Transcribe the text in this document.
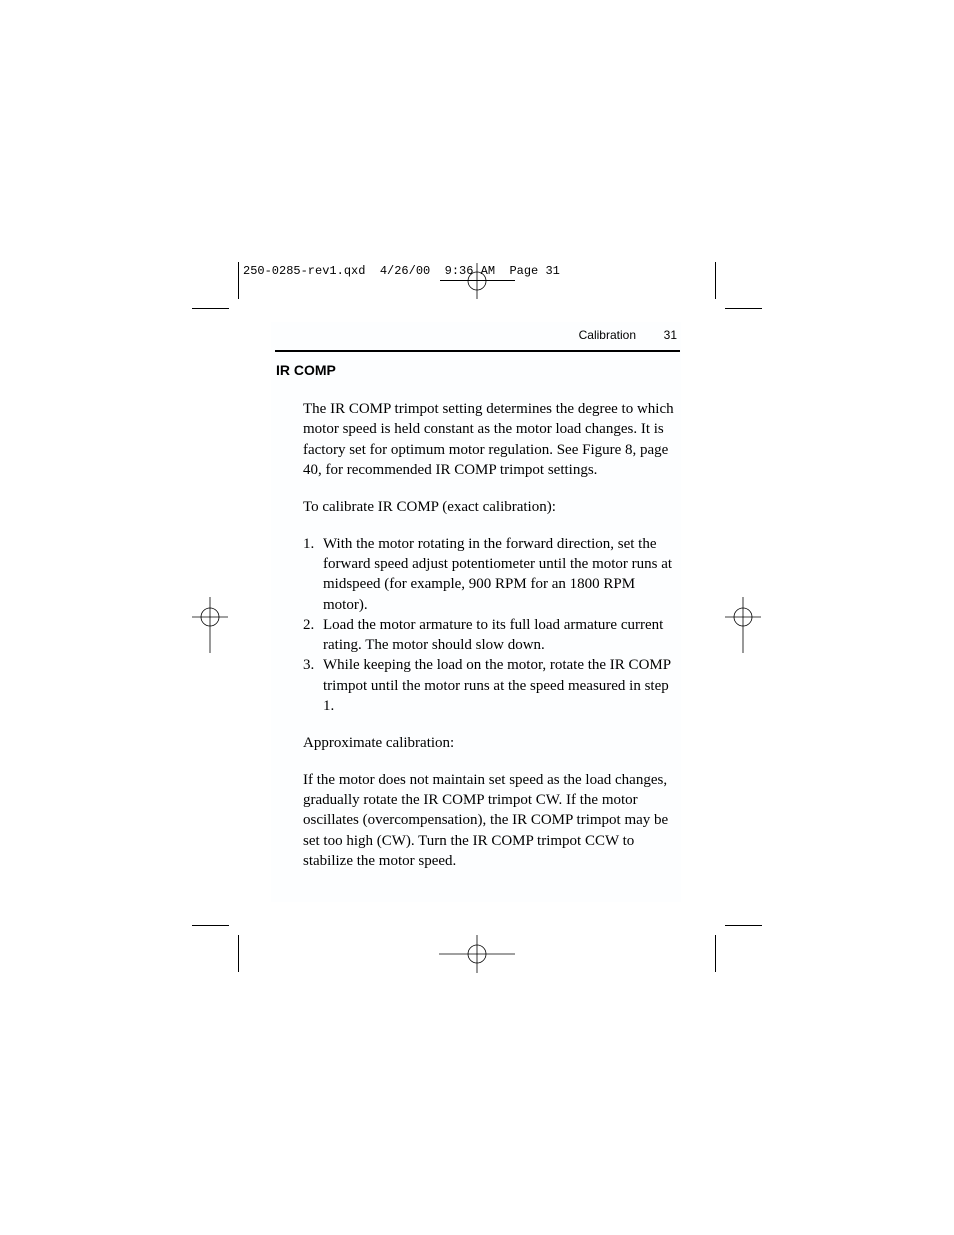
250-0285-rev1.qxd  4/26/00  9:36 AM  Page 31
Calibration 31
IR COMP

The IR COMP trimpot setting determines the degree to which motor speed is held constant as the motor load changes. It is factory set for optimum motor regulation. See Figure 8, page 40, for recommended IR COMP trimpot settings.

To calibrate IR COMP (exact calibration):

1. With the motor rotating in the forward direction, set the forward speed adjust potentiometer until the motor runs at midspeed (for example, 900 RPM for an 1800 RPM motor).
2. Load the motor armature to its full load armature current rating. The motor should slow down.
3. While keeping the load on the motor, rotate the IR COMP trimpot until the motor runs at the speed measured in step 1.

Approximate calibration:

If the motor does not maintain set speed as the load changes, gradually rotate the IR COMP trimpot CW. If the motor oscillates (overcompensation), the IR COMP trimpot may be set too high (CW). Turn the IR COMP trimpot CCW to stabilize the motor speed.
